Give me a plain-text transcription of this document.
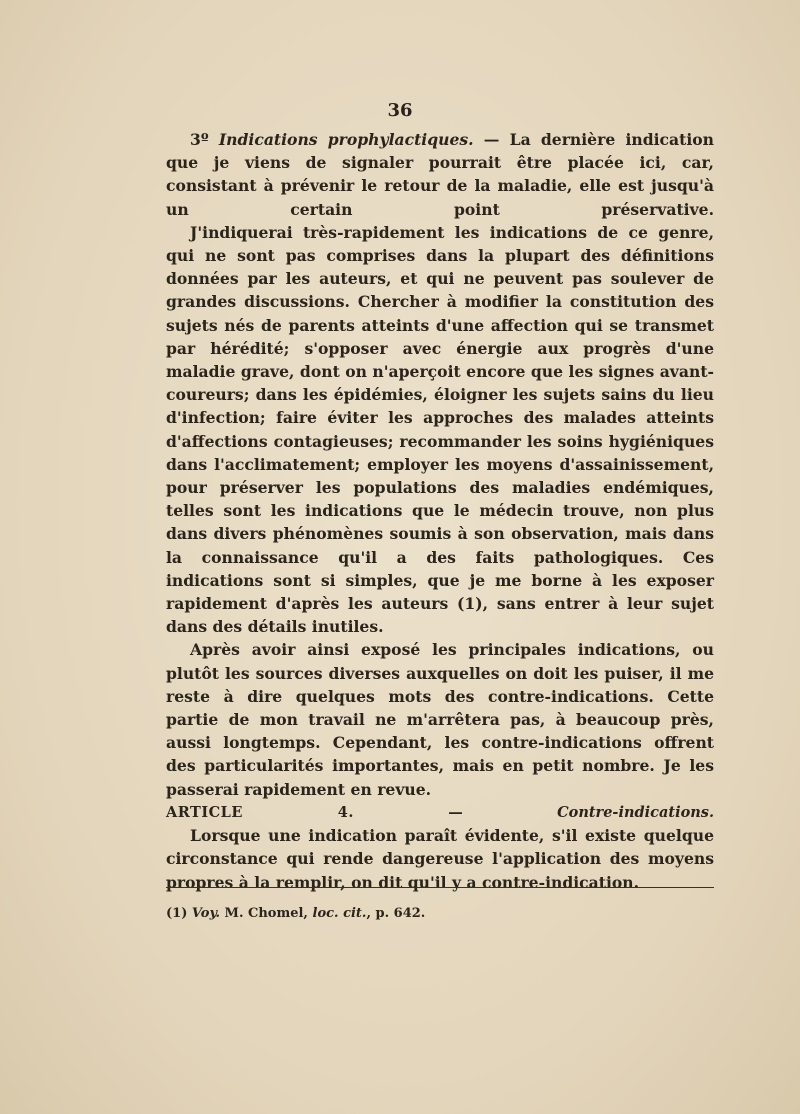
36

3º Indications prophylactiques. — La dernière indication que je viens de signaler pourrait être placée ici, car, consistant à prévenir le retour de la maladie, elle est jusqu'à un certain point préservative.

J'indiquerai très-rapidement les indications de ce genre, qui ne sont pas comprises dans la plupart des définitions données par les auteurs, et qui ne peuvent pas soulever de grandes discussions. Chercher à modifier la constitution des sujets nés de parents atteints d'une affection qui se transmet par hérédité; s'opposer avec énergie aux progrès d'une maladie grave, dont on n'aperçoit encore que les signes avant-coureurs; dans les épidémies, éloigner les sujets sains du lieu d'infection; faire éviter les approches des malades atteints d'affections contagieuses; recommander les soins hygiéniques dans l'acclimatement; employer les moyens d'assainissement, pour préserver les populations des maladies endémiques, telles sont les indications que le médecin trouve, non plus dans divers phénomènes soumis à son observation, mais dans la connaissance qu'il a des faits pathologiques. Ces indications sont si simples, que je me borne à les exposer rapidement d'après les auteurs (1), sans entrer à leur sujet dans des détails inutiles.

Après avoir ainsi exposé les principales indications, ou plutôt les sources diverses auxquelles on doit les puiser, il me reste à dire quelques mots des contre-indications. Cette partie de mon travail ne m'arrêtera pas, à beaucoup près, aussi longtemps. Cependant, les contre-indications offrent des particularités importantes, mais en petit nombre. Je les passerai rapidement en revue.

ARTICLE 4. — Contre-indications.

Lorsque une indication paraît évidente, s'il existe quelque circonstance qui rende dangereuse l'application des moyens propres à la remplir, on dit qu'il y a contre-indication.

(1) Voy. M. Chomel, loc. cit., p. 642.
